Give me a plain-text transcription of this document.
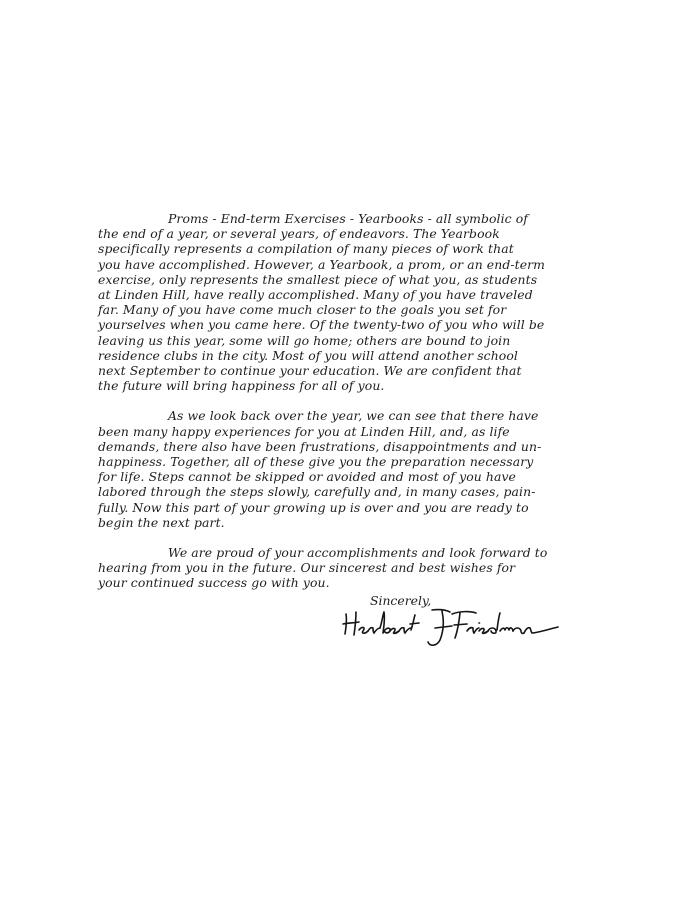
Proms - End-term Exercises - Yearbooks - all symbolic of
the end of a year, or several years, of endeavors. The Yearbook
specifically represents a compilation of many pieces of work that
you have accomplished. However, a Yearbook, a prom, or an end-term
exercise, only represents the smallest piece of what you, as students
at Linden Hill, have really accomplished. Many of you have traveled
far. Many of you have come much closer to the goals you set for
yourselves when you came here. Of the twenty-two of you who will be
leaving us this year, some will go home; others are bound to join
residence clubs in the city. Most of you will attend another school
next September to continue your education. We are confident that
the future will bring happiness for all of you.

As we look back over the year, we can see that there have
been many happy experiences for you at Linden Hill, and, as life
demands, there also have been frustrations, disappointments and un-
happiness. Together, all of these give you the preparation necessary
for life. Steps cannot be skipped or avoided and most of you have
labored through the steps slowly, carefully and, in many cases, pain-
fully. Now this part of your growing up is over and you are ready to
begin the next part.

We are proud of your accomplishments and look forward to
hearing from you in the future. Our sincerest and best wishes for
your continued success go with you.

Sincerely,
